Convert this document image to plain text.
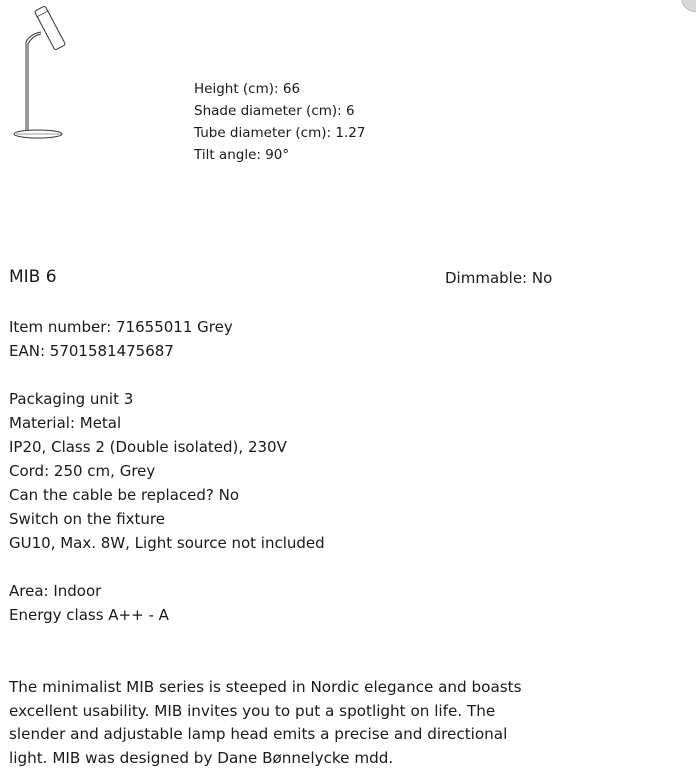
Height (cm): 66
Shade diameter (cm): 6
Tube diameter (cm): 1.27
Tilt angle: 90°
MIB 6	Dimmable: No
Item number: 71655011 Grey
EAN: 5701581475687
Packaging unit 3
Material: Metal
IP20, Class 2 (Double isolated), 230V
Cord: 250 cm, Grey
Can the cable be replaced? No
Switch on the fixture
GU10, Max. 8W, Light source not included
Area: Indoor
Energy class A++ - A
The minimalist MIB series is steeped in Nordic elegance and boasts excellent usability. MIB invites you to put a spotlight on life. The slender and adjustable lamp head emits a precise and directional light. MIB was designed by Dane Bønnelycke mdd.
